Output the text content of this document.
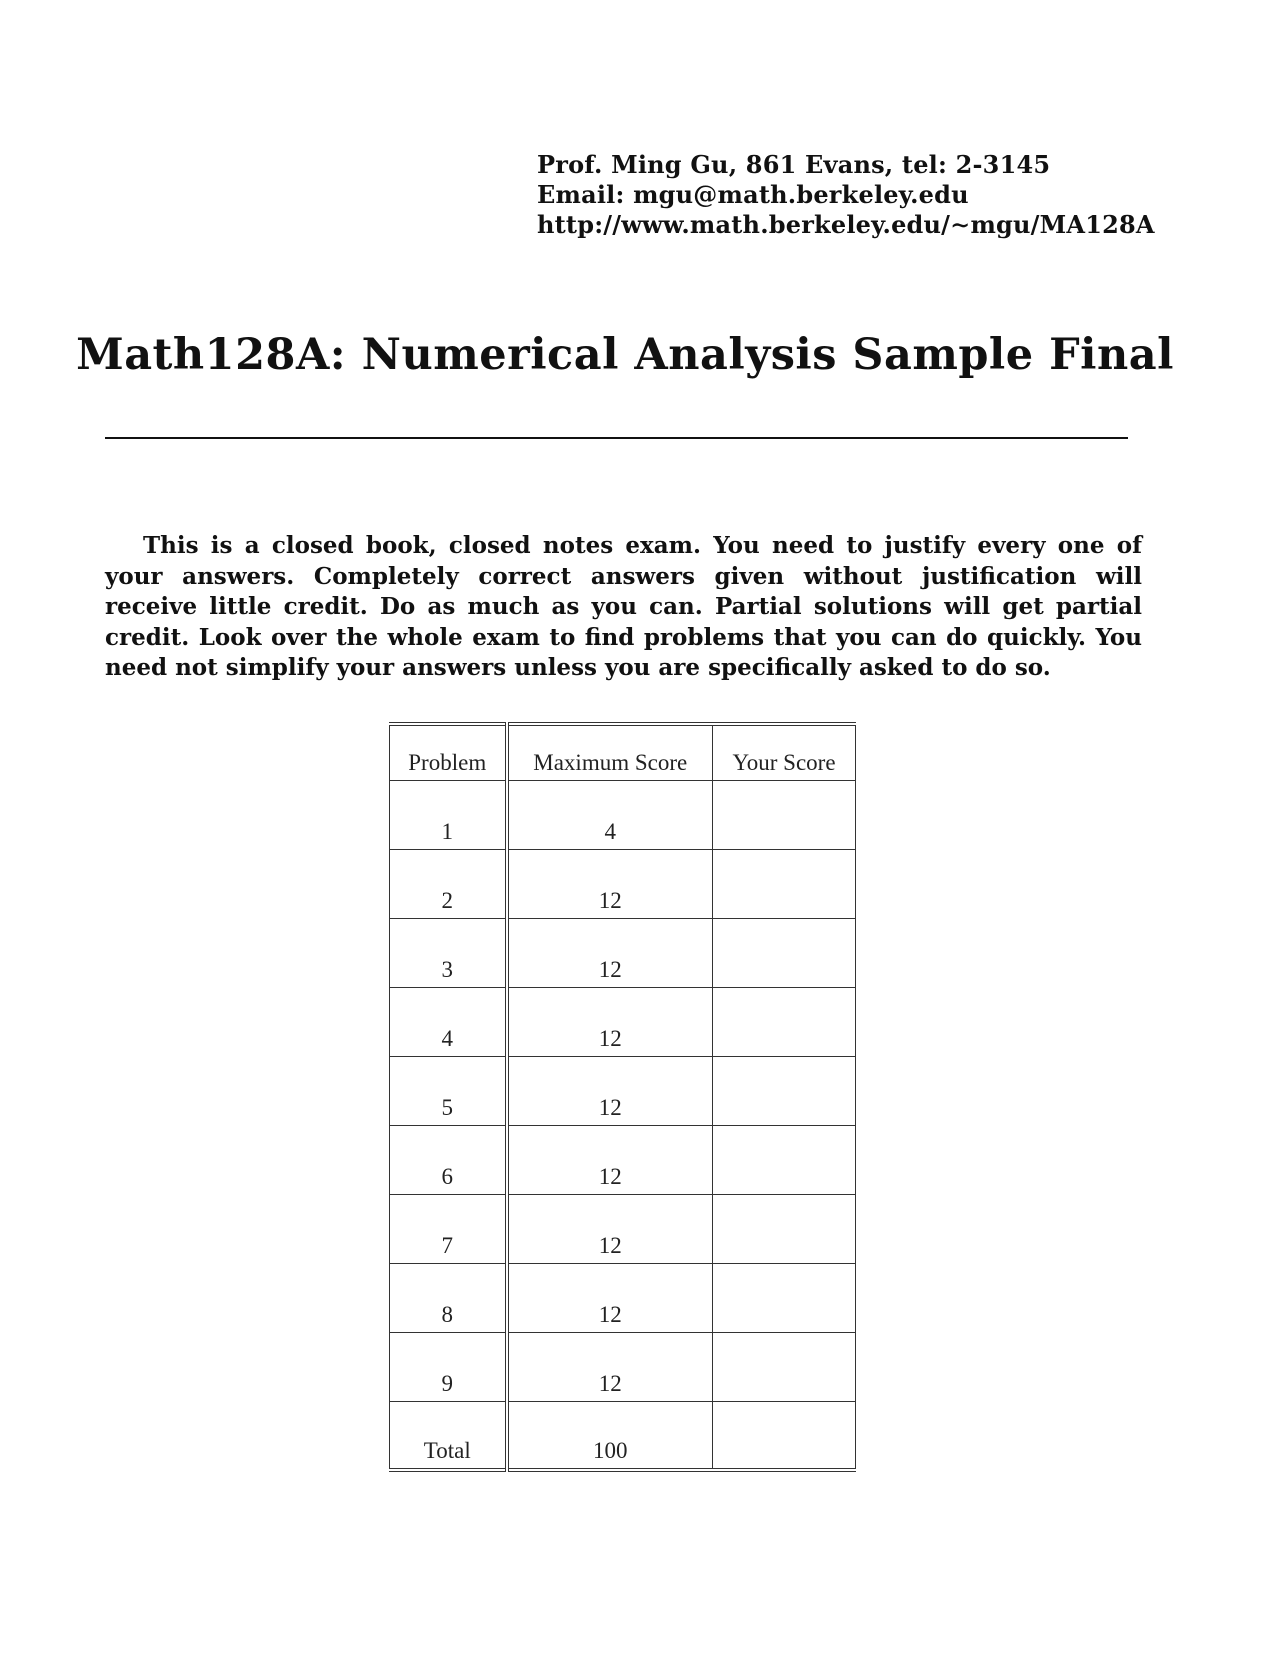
Prof. Ming Gu, 861 Evans, tel: 2-3145
Email: mgu@math.berkeley.edu
http://www.math.berkeley.edu/∼mgu/MA128A
Math128A: Numerical Analysis Sample Final

This is a closed book, closed notes exam. You need to justify every one of your answers. Completely correct answers given without justification will receive little credit. Do as much as you can. Partial solutions will get partial credit. Look over the whole exam to find problems that you can do quickly. You need not simplify your answers unless you are specifically asked to do so.

Problem	Maximum Score	Your Score
1	4	
2	12	
3	12	
4	12	
5	12	
6	12	
7	12	
8	12	
9	12	
Total	100	
